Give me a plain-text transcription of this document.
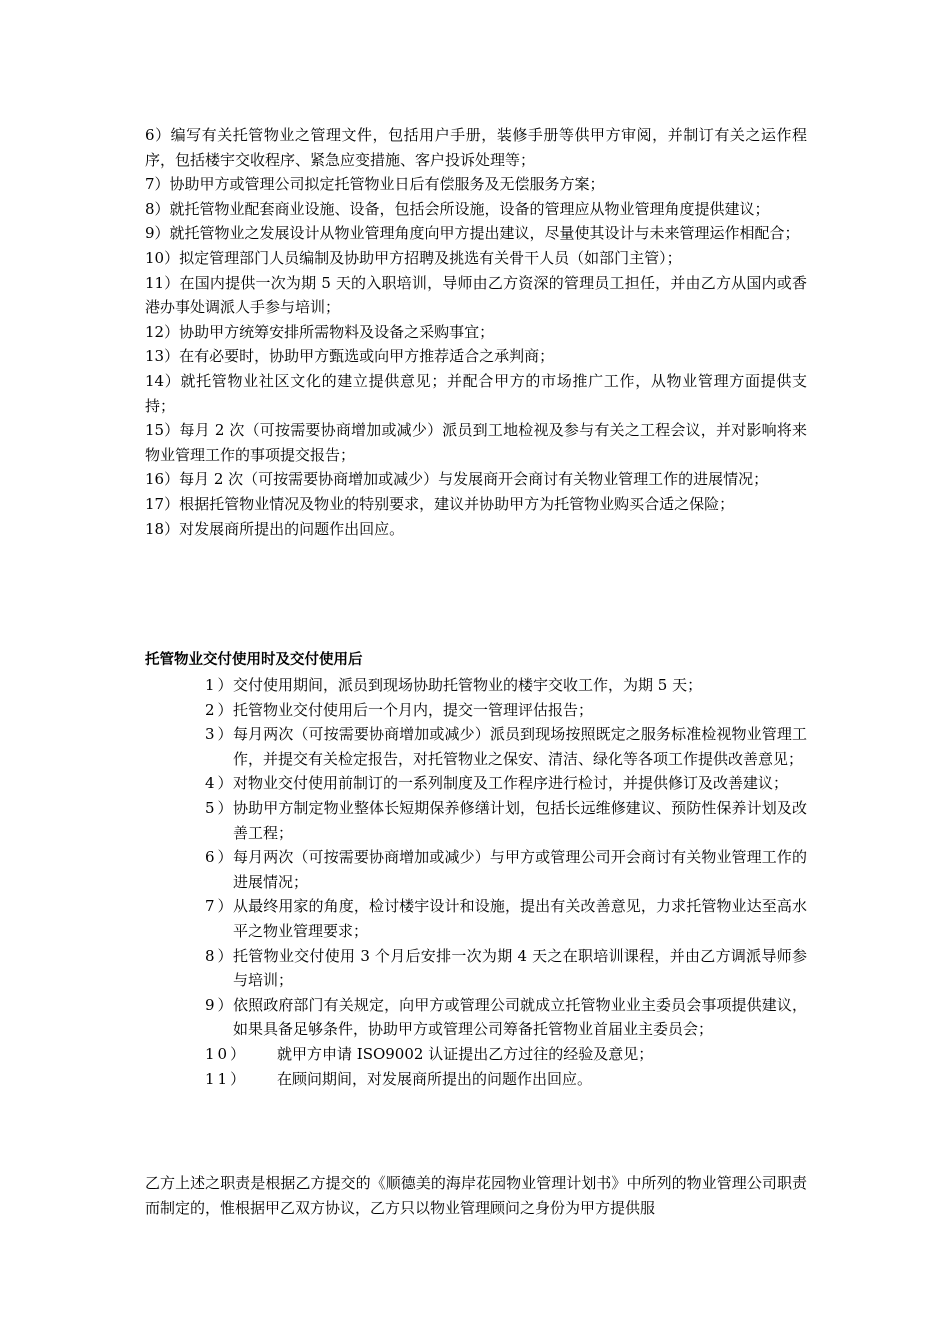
6）编写有关托管物业之管理文件，包括用户手册，装修手册等供甲方审阅，并制订有关之运作程序，包括楼宇交收程序、紧急应变措施、客户投诉处理等；
7）协助甲方或管理公司拟定托管物业日后有偿服务及无偿服务方案；
8）就托管物业配套商业设施、设备，包括会所设施，设备的管理应从物业管理角度提供建议；
9）就托管物业之发展设计从物业管理角度向甲方提出建议，尽量使其设计与未来管理运作相配合；
10）拟定管理部门人员编制及协助甲方招聘及挑选有关骨干人员（如部门主管）；
11）在国内提供一次为期 5 天的入职培训，导师由乙方资深的管理员工担任，并由乙方从国内或香港办事处调派人手参与培训；
12）协助甲方统筹安排所需物料及设备之采购事宜；
13）在有必要时，协助甲方甄选或向甲方推荐适合之承判商；
14）就托管物业社区文化的建立提供意见；并配合甲方的市场推广工作，从物业管理方面提供支持；
15）每月 2 次（可按需要协商增加或减少）派员到工地检视及参与有关之工程会议，并对影响将来物业管理工作的事项提交报告；
16）每月 2 次（可按需要协商增加或减少）与发展商开会商讨有关物业管理工作的进展情况；
17）根据托管物业情况及物业的特别要求，建议并协助甲方为托管物业购买合适之保险；
18）对发展商所提出的问题作出回应。
托管物业交付使用时及交付使用后
1）
交付使用期间，派员到现场协助托管物业的楼宇交收工作，为期 5 天；
2）
托管物业交付使用后一个月内，提交一管理评估报告；
3）
每月两次（可按需要协商增加或减少）派员到现场按照既定之服务标准检视物业管理工作，并提交有关检定报告，对托管物业之保安、清洁、绿化等各项工作提供改善意见；
4）
对物业交付使用前制订的一系列制度及工作程序进行检讨，并提供修订及改善建议；
5）
协助甲方制定物业整体长短期保养修缮计划，包括长远维修建议、预防性保养计划及改善工程；
6）
每月两次（可按需要协商增加或减少）与甲方或管理公司开会商讨有关物业管理工作的进展情况；
7）
从最终用家的角度，检讨楼宇设计和设施，提出有关改善意见，力求托管物业达至高水平之物业管理要求；
8）
托管物业交付使用 3 个月后安排一次为期 4 天之在职培训课程，并由乙方调派导师参与培训；
9）
依照政府部门有关规定，向甲方或管理公司就成立托管物业业主委员会事项提供建议，如果具备足够条件，协助甲方或管理公司筹备托管物业首届业主委员会；
10） 就甲方申请 ISO9002 认证提出乙方过往的经验及意见；
11） 在顾问期间，对发展商所提出的问题作出回应。
乙方上述之职责是根据乙方提交的《顺德美的海岸花园物业管理计划书》中所列的物业管理公司职责而制定的，惟根据甲乙双方协议，乙方只以物业管理顾问之身份为甲方提供服
